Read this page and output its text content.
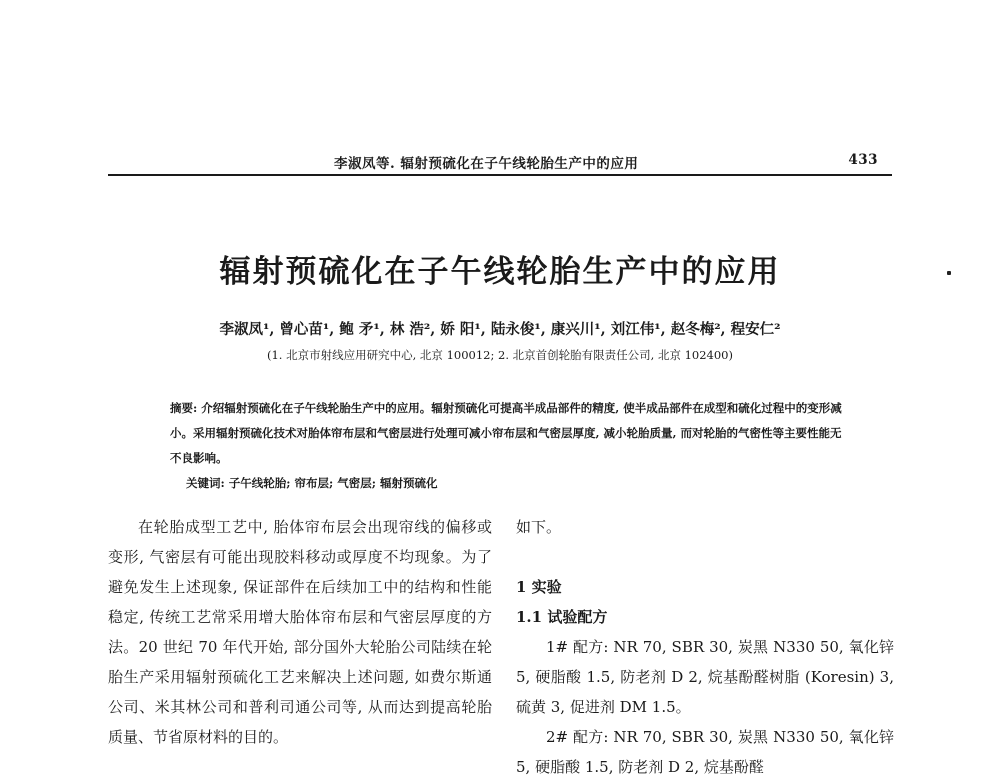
李淑凤等. 辐射预硫化在子午线轮胎生产中的应用	433
辐射预硫化在子午线轮胎生产中的应用
李淑凤¹, 曾心苗¹, 鲍 矛¹, 林 浩², 娇 阳¹, 陆永俊¹, 康兴川¹, 刘江伟¹, 赵冬梅², 程安仁²
(1. 北京市射线应用研究中心, 北京 100012; 2. 北京首创轮胎有限责任公司, 北京 102400)

摘要: 介绍辐射预硫化在子午线轮胎生产中的应用。辐射预硫化可提高半成品部件的精度, 使半成品部件在成型和硫化过程中的变形减小。采用辐射预硫化技术对胎体帘布层和气密层进行处理可减小帘布层和气密层厚度, 减小轮胎质量, 而对轮胎的气密性等主要性能无不良影响。

关键词: 子午线轮胎; 帘布层; 气密层; 辐射预硫化

在轮胎成型工艺中, 胎体帘布层会出现帘线的偏移或变形, 气密层有可能出现胶料移动或厚度不均现象。为了避免发生上述现象, 保证部件在后续加工中的结构和性能稳定, 传统工艺常采用增大胎体帘布层和气密层厚度的方法。20 世纪 70 年代开始, 部分国外大轮胎公司陆续在轮胎生产采用辐射预硫化工艺来解决上述问题, 如费尔斯通公司、米其林公司和普利司通公司等, 从而达到提高轮胎质量、节省原材料的目的。

如下。

1 实验
1.1 试验配方

1# 配方: NR 70, SBR 30, 炭黑 N330 50, 氧化锌 5, 硬脂酸 1.5, 防老剂 D 2, 烷基酚醛树脂 (Koresin) 3, 硫黄 3, 促进剂 DM 1.5。

2# 配方: NR 70, SBR 30, 炭黑 N330 50, 氧化锌 5, 硬脂酸 1.5, 防老剂 D 2, 烷基酚醛
